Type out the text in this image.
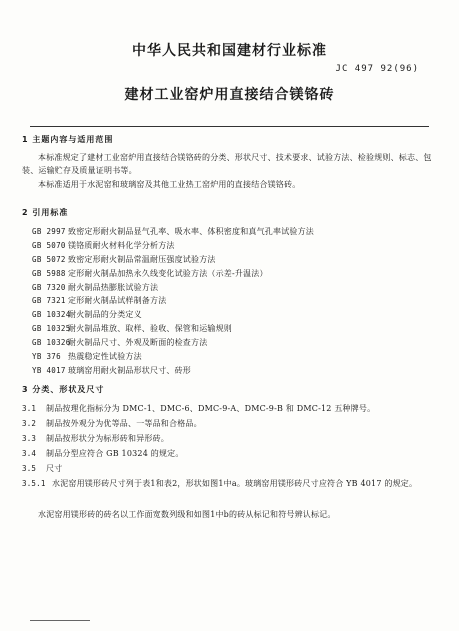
中华人民共和国建材行业标准
JC 497 92(96)
建材工业窑炉用直接结合镁铬砖
1 主题内容与适用范围

本标准规定了建材工业窑炉用直接结合镁铬砖的分类、形状尺寸、技术要求、试验方法、检验规则、标志、包装、运输贮存及质量证明书等。

本标准适用于水泥窑和玻璃窑及其他工业热工窑炉用的直接结合镁铬砖。

2 引用标准
GB 2997 致密定形耐火制品显气孔率、吸水率、体积密度和真气孔率试验方法
GB 5070 镁铬质耐火材料化学分析方法
GB 5072 致密定形耐火制品常温耐压强度试验方法
GB 5988 定形耐火制品加热永久线变化试验方法（示差-升温法）
GB 7320 耐火制品热膨胀试验方法
GB 7321 定形耐火制品试样制备方法
GB 10324耐火制品的分类定义
GB 10325耐火制品堆放、取样、验收、保管和运输规则
GB 10326耐火制品尺寸、外观及断面的检查方法
YB 376 热震稳定性试验方法
YB 4017 玻璃窑用耐火制品形状尺寸、砖形
3 分类、形状及尺寸
3.1 制品按理化指标分为 DMC-1、DMC-6、DMC-9-A、DMC-9-B 和 DMC-12 五种牌号。
3.2 制品按外观分为优等品、一等品和合格品。
3.3 制品按形状分为标形砖和异形砖。
3.4 制品分型应符合 GB 10324 的规定。
3.5 尺寸
3.5.1 水泥窑用镁形砖尺寸列于表1和表2，形状如图1中a。玻璃窑用镁形砖尺寸应符合 YB 4017 的规定。

水泥窑用镁形砖的砖名以工作面宽数列级和如图1中b的砖从标记和符号辨认标记。
